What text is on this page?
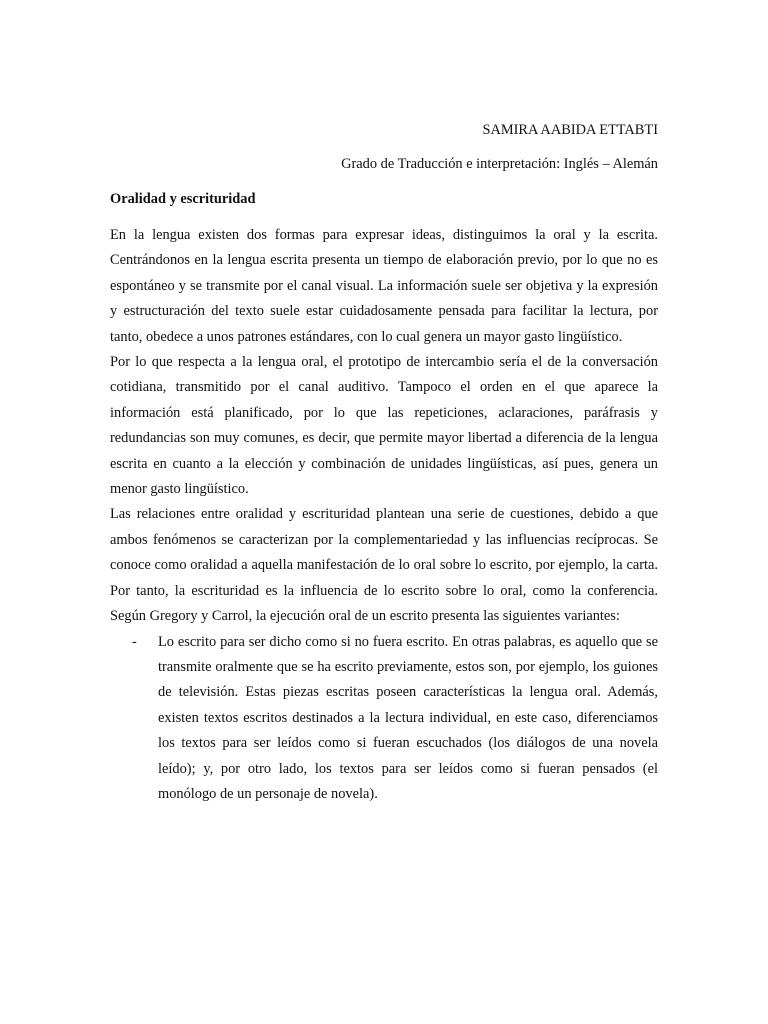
SAMIRA AABIDA ETTABTI

Grado de Traducción e interpretación: Inglés – Alemán

Oralidad y escrituridad

En la lengua existen dos formas para expresar ideas, distinguimos la oral y la escrita. Centrándonos en la lengua escrita presenta un tiempo de elaboración previo, por lo que no es espontáneo y se transmite por el canal visual. La información suele ser objetiva y la expresión y estructuración del texto suele estar cuidadosamente pensada para facilitar la lectura, por tanto, obedece a unos patrones estándares, con lo cual genera un mayor gasto lingüístico.

Por lo que respecta a la lengua oral, el prototipo de intercambio sería el de la conversación cotidiana, transmitido por el canal auditivo. Tampoco el orden en el que aparece la información está planificado, por lo que las repeticiones, aclaraciones, paráfrasis y redundancias son muy comunes, es decir, que permite mayor libertad a diferencia de la lengua escrita en cuanto a la elección y combinación de unidades lingüísticas, así pues, genera un menor gasto lingüístico.

Las relaciones entre oralidad y escrituridad plantean una serie de cuestiones, debido a que ambos fenómenos se caracterizan por la complementariedad y las influencias recíprocas. Se conoce como oralidad a aquella manifestación de lo oral sobre lo escrito, por ejemplo, la carta. Por tanto, la escrituridad es la influencia de lo escrito sobre lo oral, como la conferencia. Según Gregory y Carrol, la ejecución oral de un escrito presenta las siguientes variantes:

- Lo escrito para ser dicho como si no fuera escrito. En otras palabras, es aquello que se transmite oralmente que se ha escrito previamente, estos son, por ejemplo, los guiones de televisión. Estas piezas escritas poseen características la lengua oral. Además, existen textos escritos destinados a la lectura individual, en este caso, diferenciamos los textos para ser leídos como si fueran escuchados (los diálogos de una novela leído); y, por otro lado, los textos para ser leídos como si fueran pensados (el monólogo de un personaje de novela).
